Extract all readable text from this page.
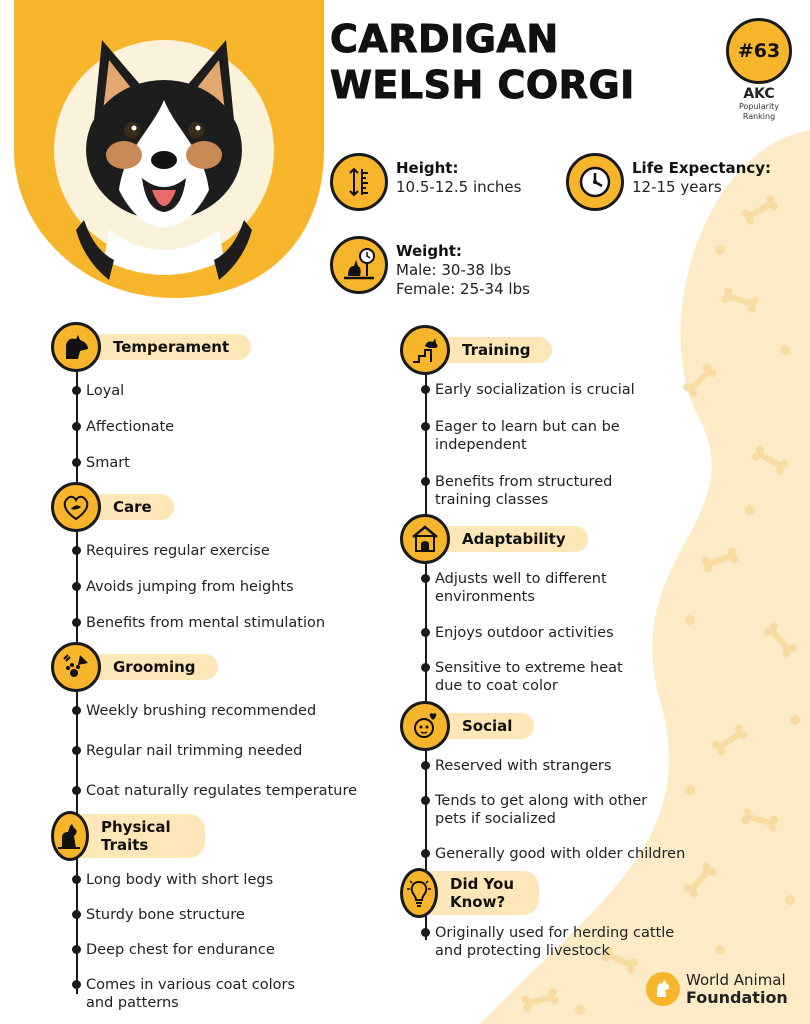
CARDIGAN
WELSH CORGI
#63
AKC
Popularity
Ranking
Height:
10.5-12.5 inches
Life Expectancy:
12-15 years
Weight:
Male: 30-38 lbs
Female: 25-34 lbs
Temperament
Loyal
Affectionate
Smart
Care
Requires regular exercise
Avoids jumping from heights
Benefits from mental stimulation
Grooming
Weekly brushing recommended
Regular nail trimming needed
Coat naturally regulates temperature
Physical Traits
Long body with short legs
Sturdy bone structure
Deep chest for endurance
Comes in various coat colors
and patterns
Training
Early socialization is crucial
Eager to learn but can be
independent
Benefits from structured
training classes
Adaptability
Adjusts well to different
environments
Enjoys outdoor activities
Sensitive to extreme heat
due to coat color
Social
Reserved with strangers
Tends to get along with other
pets if socialized
Generally good with older children
Did You Know?
Originally used for herding cattle
and protecting livestock
World Animal
Foundation
